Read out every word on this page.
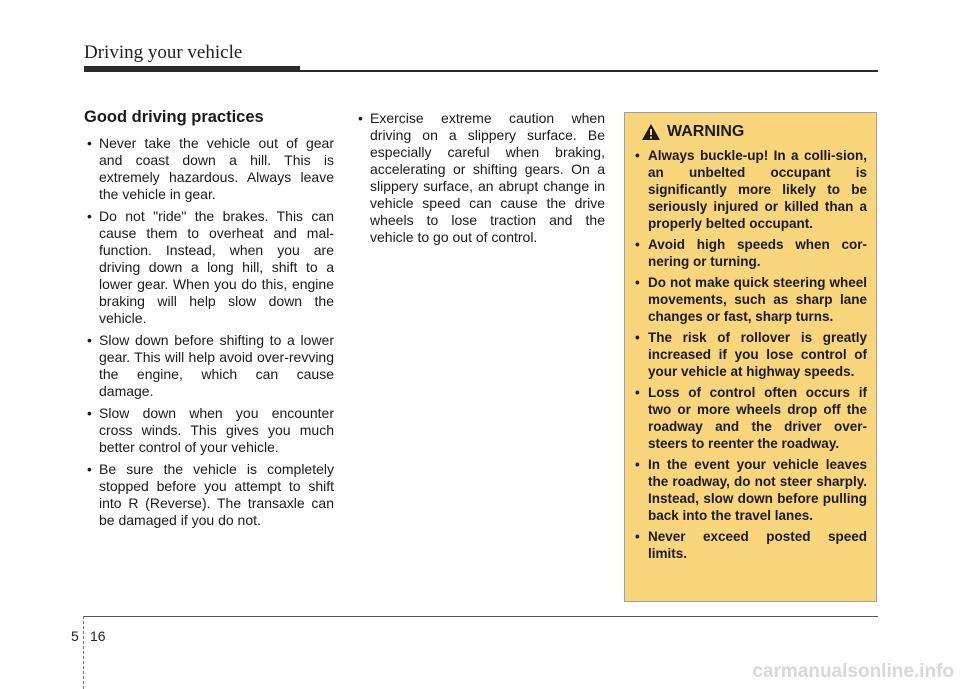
Driving your vehicle
Good driving practices
• Never take the vehicle out of gear and coast down a hill. This is extremely hazardous. Always leave the vehicle in gear.
• Do not "ride" the brakes. This can cause them to overheat and mal-function. Instead, when you are driving down a long hill, shift to a lower gear. When you do this, engine braking will help slow down the vehicle.
• Slow down before shifting to a lower gear. This will help avoid over-revving the engine, which can cause damage.
• Slow down when you encounter cross winds. This gives you much better control of your vehicle.
• Be sure the vehicle is completely stopped before you attempt to shift into R (Reverse). The transaxle can be damaged if you do not.
• Exercise extreme caution when driving on a slippery surface. Be especially careful when braking, accelerating or shifting gears. On a slippery surface, an abrupt change in vehicle speed can cause the drive wheels to lose traction and the vehicle to go out of control.
WARNING
• Always buckle-up! In a colli-sion, an unbelted occupant is significantly more likely to be seriously injured or killed than a properly belted occupant.
• Avoid high speeds when cor-nering or turning.
• Do not make quick steering wheel movements, such as sharp lane changes or fast, sharp turns.
• The risk of rollover is greatly increased if you lose control of your vehicle at highway speeds.
• Loss of control often occurs if two or more wheels drop off the roadway and the driver over-steers to reenter the roadway.
• In the event your vehicle leaves the roadway, do not steer sharply. Instead, slow down before pulling back into the travel lanes.
• Never exceed posted speed limits.
5 16
carmanualsonline.info
